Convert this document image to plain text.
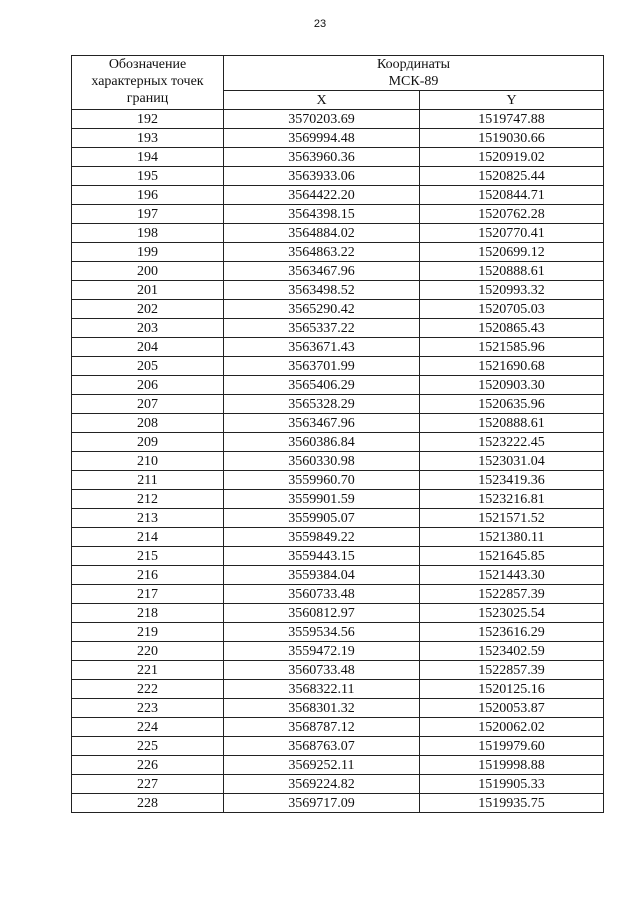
23
Обозначение
характерных точек
границ	Координаты
МСК-89	

	X	Y
192	3570203.69	1519747.88
193	3569994.48	1519030.66
194	3563960.36	1520919.02
195	3563933.06	1520825.44
196	3564422.20	1520844.71
197	3564398.15	1520762.28
198	3564884.02	1520770.41
199	3564863.22	1520699.12
200	3563467.96	1520888.61
201	3563498.52	1520993.32
202	3565290.42	1520705.03
203	3565337.22	1520865.43
204	3563671.43	1521585.96
205	3563701.99	1521690.68
206	3565406.29	1520903.30
207	3565328.29	1520635.96
208	3563467.96	1520888.61
209	3560386.84	1523222.45
210	3560330.98	1523031.04
211	3559960.70	1523419.36
212	3559901.59	1523216.81
213	3559905.07	1521571.52
214	3559849.22	1521380.11
215	3559443.15	1521645.85
216	3559384.04	1521443.30
217	3560733.48	1522857.39
218	3560812.97	1523025.54
219	3559534.56	1523616.29
220	3559472.19	1523402.59
221	3560733.48	1522857.39
222	3568322.11	1520125.16
223	3568301.32	1520053.87
224	3568787.12	1520062.02
225	3568763.07	1519979.60
226	3569252.11	1519998.88
227	3569224.82	1519905.33
228	3569717.09	1519935.75
